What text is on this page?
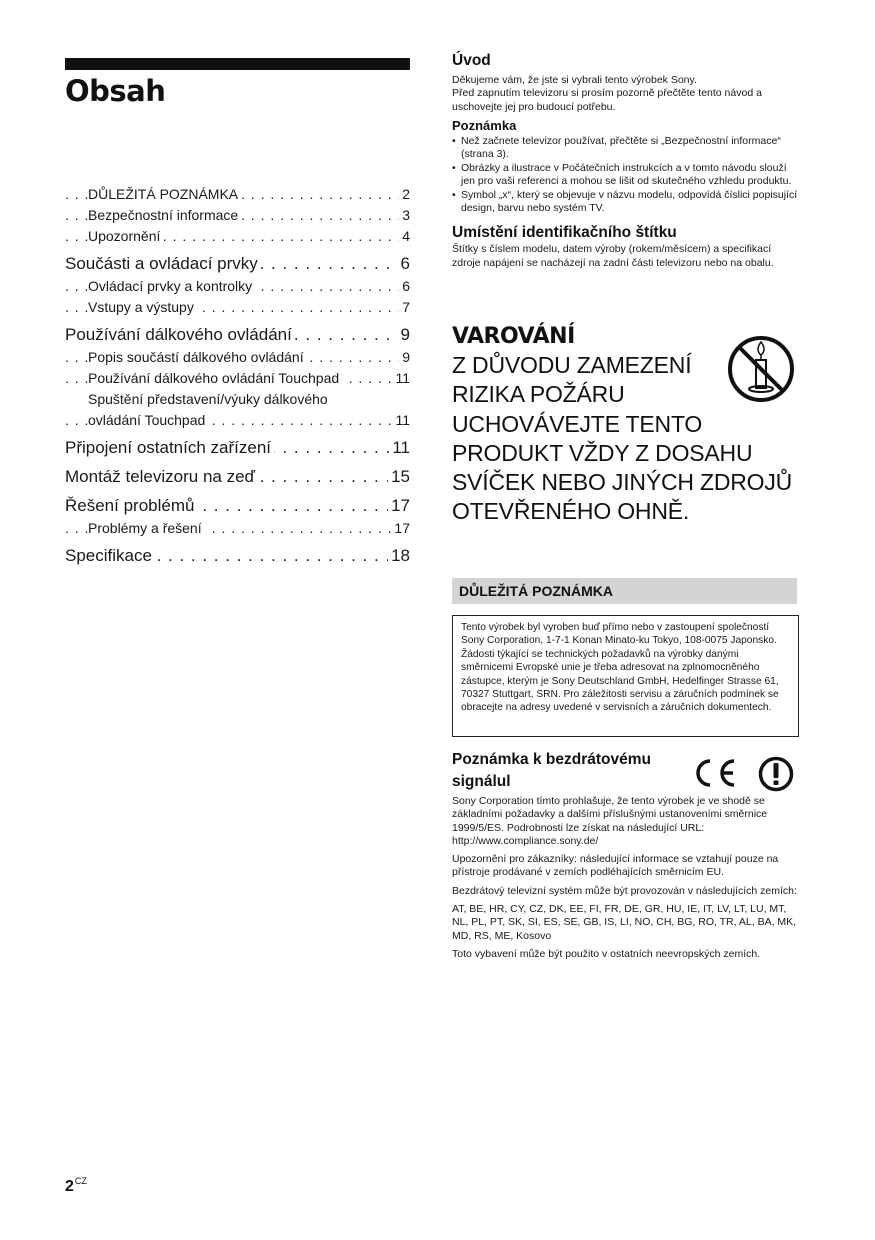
Obsah
DŮLEŽITÁ POZNÁMKA	2
. . .
Bezpečnostní informace	3
. . .
Upozornění	4
. . .
Součásti a ovládací prvky	6
. . .
Ovládací prvky a kontrolky	6
. . .
Vstupy a výstupy	7
. . .
Používání dálkového ovládání	9
. . .
Popis součástí dálkového ovládání	9
. . .
Používání dálkového ovládání Touchpad	11
. . .
Spuštění představení/výuky dálkového
ovládání Touchpad	11
. . .
Připojení ostatních zařízení	11
. . .
Montáž televizoru na zeď	15
. . .
Řešení problémů	17
. . .
Problémy a řešení	17
. . .
Specifikace	18
. . .
Úvod

Děkujeme vám, že jste si vybrali tento výrobek Sony.

Před zapnutím televizoru si prosím pozorně přečtěte tento návod a uschovejte jej pro budoucí potřebu.

Poznámka
• Než začnete televizor používat, přečtěte si „Bezpečnostní informace“ (strana 3).
• Obrázky a ilustrace v Počátečních instrukcích a v tomto návodu slouží jen pro vaši referenci a mohou se lišit od skutečného vzhledu produktu.
• Symbol „x“, který se objevuje v názvu modelu, odpovídá číslici popisující design, barvu nebo systém TV.
Umístění identifikačního štítku

Štítky s číslem modelu, datem výroby (rokem/měsícem) a specifikací zdroje napájení se nacházejí na zadní části televizoru nebo na obalu.

VAROVÁNÍ

Z DŮVODU ZAMEZENÍ
RIZIKA POŽÁRU
UCHOVÁVEJTE TENTO
PRODUKT VŽDY Z DOSAHU
SVÍČEK NEBO JINÝCH ZDROJŮ
OTEVŘENÉHO OHNĚ.

DŮLEŽITÁ POZNÁMKA
Tento výrobek byl vyroben buď přímo nebo v zastoupení společností Sony Corporation, 1-7-1 Konan Minato-ku Tokyo, 108-0075 Japonsko. Žádosti týkající se technických požadavků na výrobky danými směrnicemi Evropské unie je třeba adresovat na zplnomocněného zástupce, kterým je Sony Deutschland GmbH, Hedelfinger Strasse 61, 70327 Stuttgart, SRN. Pro záležitosti servisu a záručních podmínek se obracejte na adresy uvedené v servisních a záručních dokumentech.
Poznámka k bezdrátovému signálul

Sony Corporation tímto prohlašuje, že tento výrobek je ve shodě se základními požadavky a dalšími příslušnými ustanoveními směrnice 1999/5/ES. Podrobnosti lze získat na následující URL: http://www.compliance.sony.de/

Upozornění pro zákazníky: následující informace se vztahují pouze na přístroje prodávané v zemích podléhajících směrnicím EU.

Bezdrátový televizní systém může být provozován v následujících zemích:

AT, BE, HR, CY, CZ, DK, EE, FI, FR, DE, GR, HU, IE, IT, LV, LT, LU, MT, NL, PL, PT, SK, SI, ES, SE, GB, IS, LI, NO, CH, BG, RO, TR, AL, BA, MK, MD, RS, ME, Kosovo

Toto vybavení může být použito v ostatních neevropských zemích.

$2^{CZ}$
